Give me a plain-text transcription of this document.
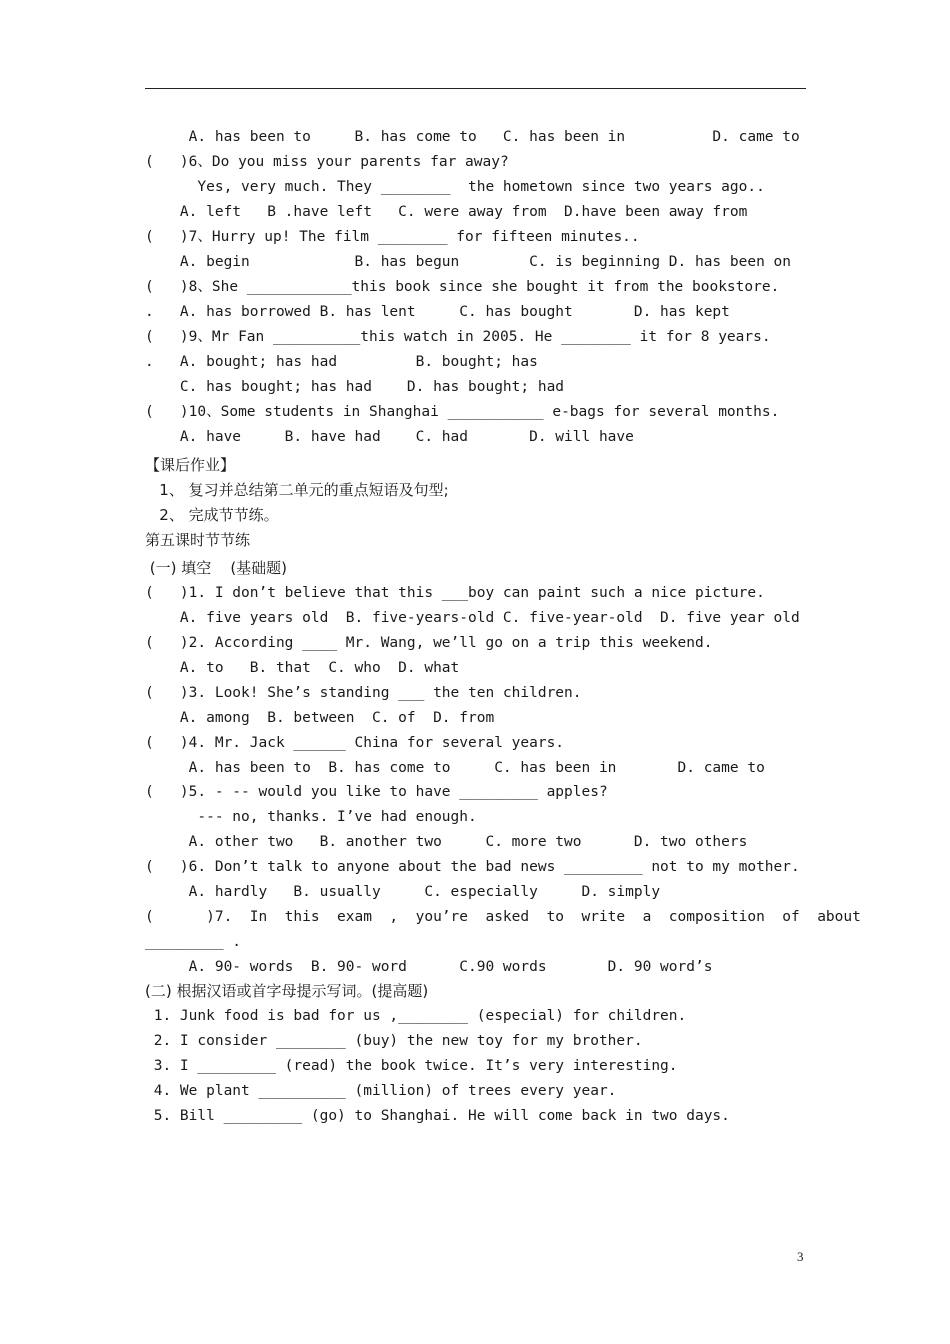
A. has been to     B. has come to   C. has been in          D. came to
(   )6、Do you miss your parents far away?
Yes, very much. They ________  the hometown since two years ago..
A. left   B .have left   C. were away from  D.have been away from
(   )7、Hurry up! The film ________ for fifteen minutes..
A. begin            B. has begun        C. is beginning D. has been on
(   )8、She ____________this book since she bought it from the bookstore.
.   A. has borrowed B. has lent     C. has bought       D. has kept
(   )9、Mr Fan __________this watch in 2005. He ________ it for 8 years.
.   A. bought; has had         B. bought; has
C. has bought; has had    D. has bought; had
(   )10、Some students in Shanghai ___________ e-bags for several months.
A. have     B. have had    C. had       D. will have
【课后作业】
1、 复习并总结第二单元的重点短语及句型;
2、 完成节节练。
第五课时节节练
(一) 填空    (基础题)
(   )1. I don’t believe that this ___boy can paint such a nice picture.
A. five years old  B. five-years-old C. five-year-old  D. five year old
(   )2. According ____ Mr. Wang, we’ll go on a trip this weekend.
A. to   B. that  C. who  D. what
(   )3. Look! She’s standing ___ the ten children.
A. among  B. between  C. of  D. from
(   )4. Mr. Jack ______ China for several years.
A. has been to  B. has come to     C. has been in       D. came to
(   )5. - -- would you like to have _________ apples?
--- no, thanks. I’ve had enough.
A. other two   B. another two     C. more two      D. two others
(   )6. Don’t talk to anyone about the bad news _________ not to my mother.
A. hardly   B. usually     C. especially     D. simply
(      )7.  In  this  exam  ,  you’re  asked  to  write  a  composition  of  about
_________ .
A. 90- words  B. 90- word      C.90 words       D. 90 word’s
(二) 根据汉语或首字母提示写词。(提高题)
1. Junk food is bad for us ,________ (especial) for children.
2. I consider ________ (buy) the new toy for my brother.
3. I _________ (read) the book twice. It’s very interesting.
4. We plant __________ (million) of trees every year.
5. Bill _________ (go) to Shanghai. He will come back in two days.
3
